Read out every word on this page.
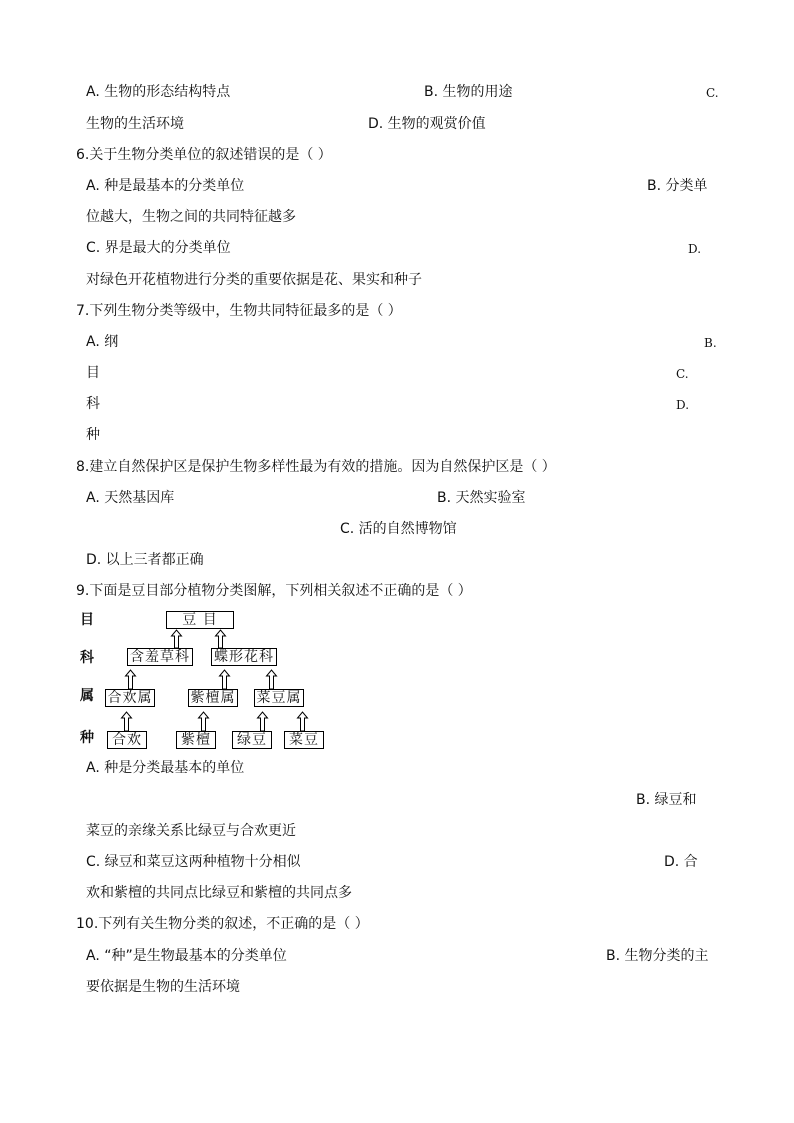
A. 生物的形态结构特点	B. 生物的用途	C.
生物的生活环境	D. 生物的观赏价值
6.关于生物分类单位的叙述错误的是（ ）
A. 种是最基本的分类单位	B. 分类单
位越大，生物之间的共同特征越多
C. 界是最大的分类单位	D.
对绿色开花植物进行分类的重要依据是花、果实和种子
7.下列生物分类等级中，生物共同特征最多的是（ ）
A. 纲	B.
目	C.
科	D.
种
8.建立自然保护区是保护生物多样性最为有效的措施。因为自然保护区是（ ）
A. 天然基因库	B. 天然实验室
C. 活的自然博物馆
D. 以上三者都正确
9.下面是豆目部分植物分类图解，下列相关叙述不正确的是（ ）
目
科
属
种
豆 目
含羞草科 蝶形花科
合欢属	紫檀属 菜豆属
合欢	紫檀	绿豆	菜豆
A. 种是分类最基本的单位
B. 绿豆和
菜豆的亲缘关系比绿豆与合欢更近
C. 绿豆和菜豆这两种植物十分相似	D. 合
欢和紫檀的共同点比绿豆和紫檀的共同点多
10.下列有关生物分类的叙述，不正确的是（ ）
A. “种”是生物最基本的分类单位	B. 生物分类的主
要依据是生物的生活环境
